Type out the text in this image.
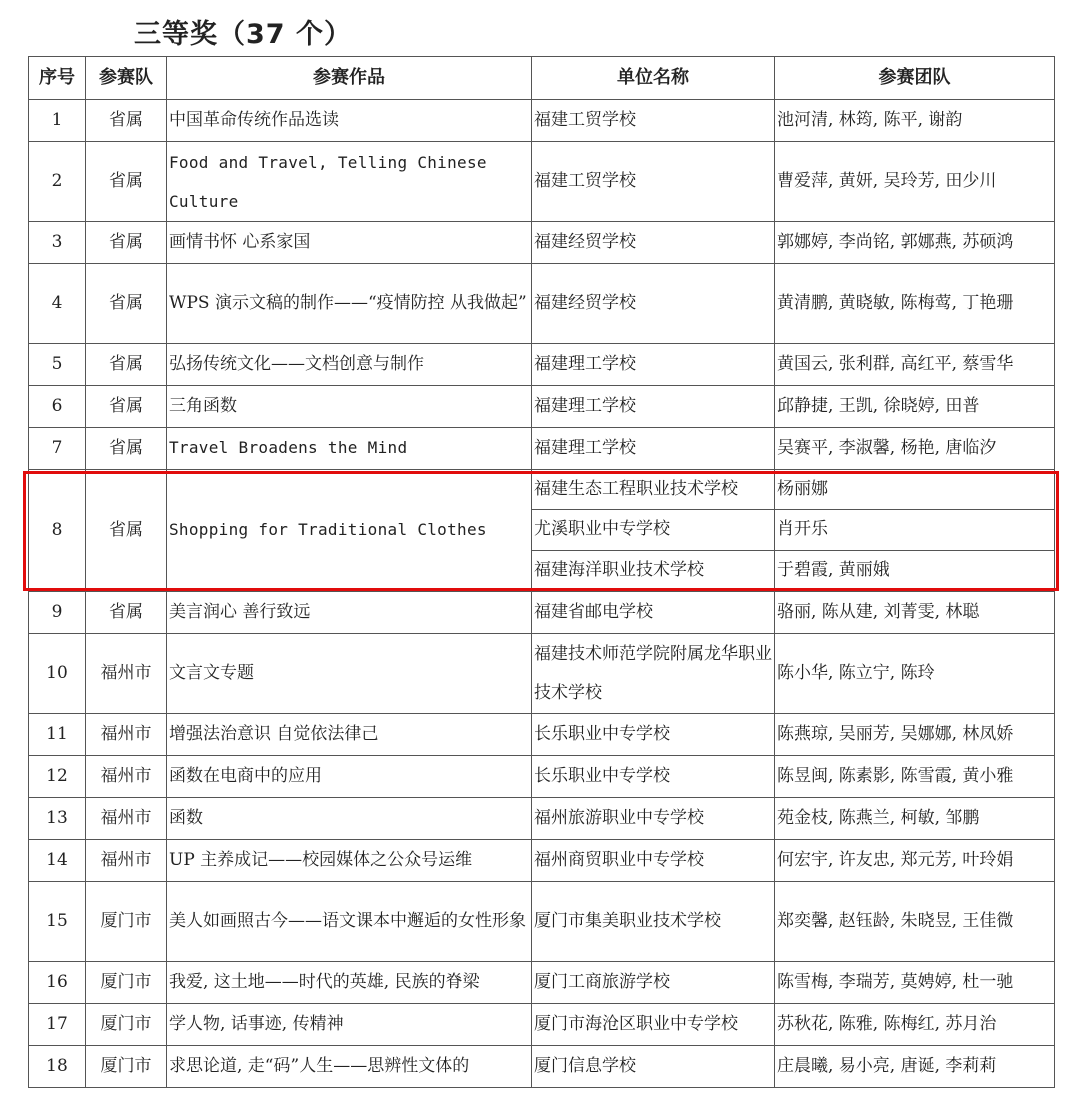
三等奖（37 个）
序号	参赛队	参赛作品	单位名称	参赛团队
1	省属	中国革命传统作品选读	福建工贸学校	池河清, 林筠, 陈平, 谢韵
2	省属	Food and Travel, Telling Chinese Culture	福建工贸学校	曹爱萍, 黄妍, 吴玲芳, 田少川
3	省属	画情书怀 心系家国	福建经贸学校	郭娜婷, 李尚铭, 郭娜燕, 苏硕鸿
4	省属	WPS 演示文稿的制作——“疫情防控 从我做起”	福建经贸学校	黄清鹏, 黄晓敏, 陈梅莺, 丁艳珊
5	省属	弘扬传统文化——文档创意与制作	福建理工学校	黄国云, 张利群, 高红平, 蔡雪华
6	省属	三角函数	福建理工学校	邱静捷, 王凯, 徐晓婷, 田普
7	省属	Travel Broadens the Mind	福建理工学校	吴赛平, 李淑馨, 杨艳, 唐临汐
8	省属	Shopping for Traditional Clothes	福建生态工程职业技术学校	杨丽娜
			尤溪职业中专学校	肖开乐
			福建海洋职业技术学校	于碧霞, 黄丽娥
9	省属	美言润心 善行致远	福建省邮电学校	骆丽, 陈从建, 刘菁雯, 林聪
10	福州市	文言文专题	福建技术师范学院附属龙华职业技术学校	陈小华, 陈立宁, 陈玲
11	福州市	增强法治意识 自觉依法律己	长乐职业中专学校	陈燕琼, 吴丽芳, 吴娜娜, 林凤娇
12	福州市	函数在电商中的应用	长乐职业中专学校	陈昱闽, 陈素影, 陈雪霞, 黄小雅
13	福州市	函数	福州旅游职业中专学校	苑金枝, 陈燕兰, 柯敏, 邹鹏
14	福州市	UP 主养成记——校园媒体之公众号运维	福州商贸职业中专学校	何宏宇, 许友忠, 郑元芳, 叶玲娟
15	厦门市	美人如画照古今——语文课本中邂逅的女性形象	厦门市集美职业技术学校	郑奕馨, 赵钰龄, 朱晓昱, 王佳微
16	厦门市	我爱, 这土地——时代的英雄, 民族的脊梁	厦门工商旅游学校	陈雪梅, 李瑞芳, 莫娉婷, 杜一驰
17	厦门市	学人物, 话事迹, 传精神	厦门市海沧区职业中专学校	苏秋花, 陈雅, 陈梅红, 苏月治
18	厦门市	求思论道, 走“码”人生——思辨性文体的	厦门信息学校	庄晨曦, 易小亮, 唐诞, 李莉莉
